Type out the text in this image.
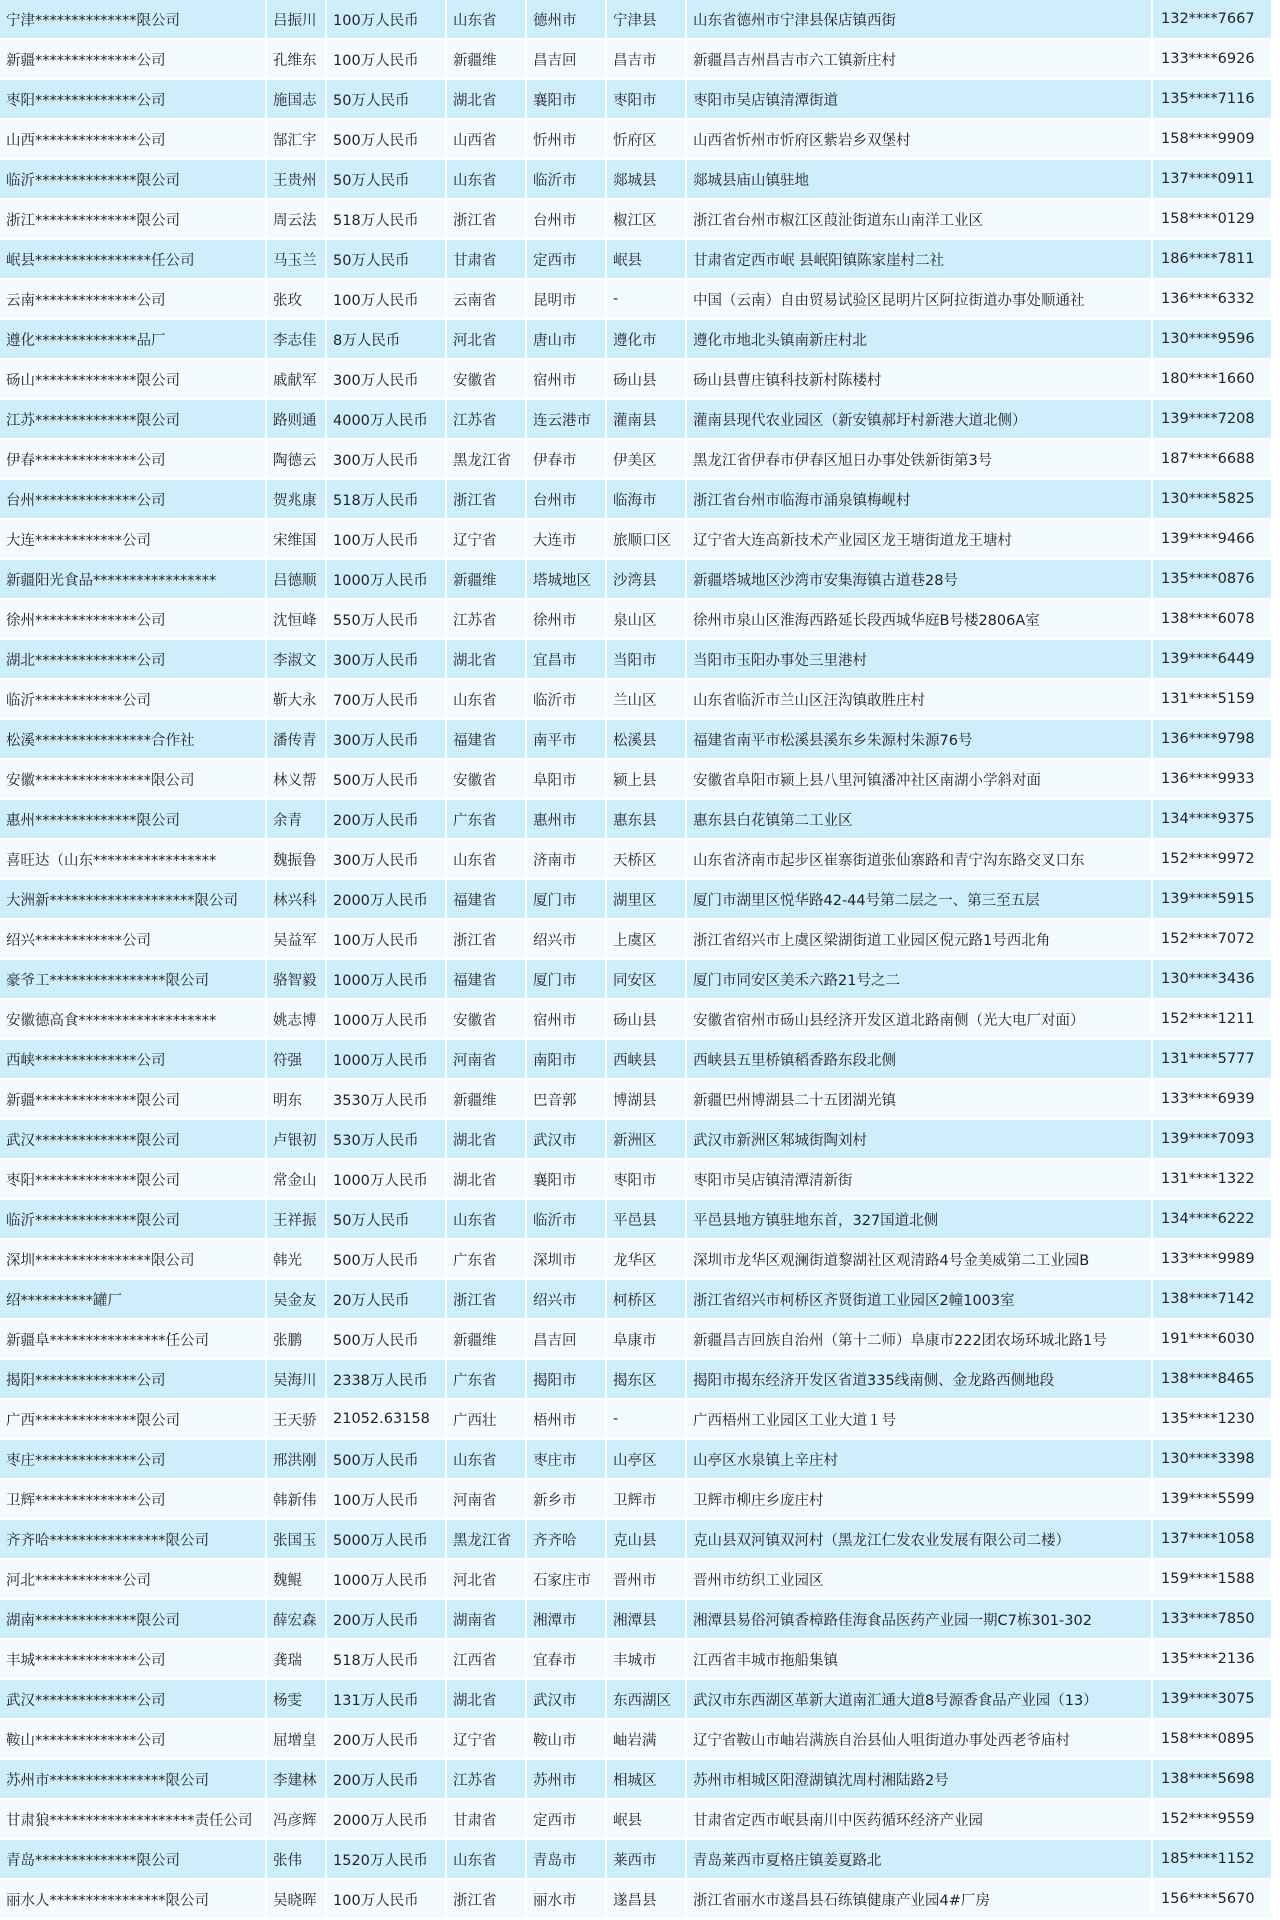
宁津**************限公司	吕振川	100万人民币	山东省	德州市	宁津县	山东省德州市宁津县保店镇西街	132****7667
新疆**************公司	孔维东	100万人民币	新疆维	昌吉回	昌吉市	新疆昌吉州昌吉市六工镇新庄村	133****6926
枣阳**************公司	施国志	50万人民币	湖北省	襄阳市	枣阳市	枣阳市吴店镇清潭街道	135****7116
山西**************公司	郜汇宇	500万人民币	山西省	忻州市	忻府区	山西省忻州市忻府区紫岩乡双堡村	158****9909
临沂**************限公司	王贵州	50万人民币	山东省	临沂市	郯城县	郯城县庙山镇驻地	137****0911
浙江**************限公司	周云法	518万人民币	浙江省	台州市	椒江区	浙江省台州市椒江区葭沚街道东山南洋工业区	158****0129
岷县****************任公司	马玉兰	50万人民币	甘肃省	定西市	岷县	甘肃省定西市岷 县岷阳镇陈家崖村二社	186****7811
云南**************公司	张玫	100万人民币	云南省	昆明市	-	中国（云南）自由贸易试验区昆明片区阿拉街道办事处顺通社	136****6332
遵化**************品厂	李志佳	8万人民币	河北省	唐山市	遵化市	遵化市地北头镇南新庄村北	130****9596
砀山**************限公司	戚献军	300万人民币	安徽省	宿州市	砀山县	砀山县曹庄镇科技新村陈楼村	180****1660
江苏**************限公司	路则通	4000万人民币	江苏省	连云港市	灌南县	灌南县现代农业园区（新安镇郝圩村新港大道北侧）	139****7208
伊春**************公司	陶德云	300万人民币	黑龙江省	伊春市	伊美区	黑龙江省伊春市伊春区旭日办事处铁新街第3号	187****6688
台州**************公司	贺兆康	518万人民币	浙江省	台州市	临海市	浙江省台州市临海市涌泉镇梅岘村	130****5825
大连************公司	宋维国	100万人民币	辽宁省	大连市	旅顺口区	辽宁省大连高新技术产业园区龙王塘街道龙王塘村	139****9466
新疆阳光食品*****************	吕德顺	1000万人民币	新疆维	塔城地区	沙湾县	新疆塔城地区沙湾市安集海镇古道巷28号	135****0876
徐州**************公司	沈恒峰	550万人民币	江苏省	徐州市	泉山区	徐州市泉山区淮海西路延长段西城华庭B号楼2806A室	138****6078
湖北**************公司	李淑文	300万人民币	湖北省	宜昌市	当阳市	当阳市玉阳办事处三里港村	139****6449
临沂************公司	靳大永	700万人民币	山东省	临沂市	兰山区	山东省临沂市兰山区汪沟镇敢胜庄村	131****5159
松溪****************合作社	潘传青	300万人民币	福建省	南平市	松溪县	福建省南平市松溪县溪东乡朱源村朱源76号	136****9798
安徽****************限公司	林义帮	500万人民币	安徽省	阜阳市	颍上县	安徽省阜阳市颍上县八里河镇潘冲社区南湖小学斜对面	136****9933
惠州**************限公司	余青	200万人民币	广东省	惠州市	惠东县	惠东县白花镇第二工业区	134****9375
喜旺达（山东*****************	魏振鲁	300万人民币	山东省	济南市	天桥区	山东省济南市起步区崔寨街道张仙寨路和青宁沟东路交叉口东	152****9972
大洲新********************限公司	林兴科	2000万人民币	福建省	厦门市	湖里区	厦门市湖里区悦华路42-44号第二层之一、第三至五层	139****5915
绍兴************公司	吴益军	100万人民币	浙江省	绍兴市	上虞区	浙江省绍兴市上虞区梁湖街道工业园区倪元路1号西北角	152****7072
豪爷工****************限公司	骆智毅	1000万人民币	福建省	厦门市	同安区	厦门市同安区美禾六路21号之二	130****3436
安徽德高食*******************	姚志博	1000万人民币	安徽省	宿州市	砀山县	安徽省宿州市砀山县经济开发区道北路南侧（光大电厂对面）	152****1211
西峡**************公司	符强	1000万人民币	河南省	南阳市	西峡县	西峡县五里桥镇稻香路东段北侧	131****5777
新疆**************限公司	明东	3530万人民币	新疆维	巴音郭	博湖县	新疆巴州博湖县二十五团湖光镇	133****6939
武汉**************限公司	卢银初	530万人民币	湖北省	武汉市	新洲区	武汉市新洲区邾城街陶刘村	139****7093
枣阳**************限公司	常金山	1000万人民币	湖北省	襄阳市	枣阳市	枣阳市吴店镇清潭清新街	131****1322
临沂**************限公司	王祥振	50万人民币	山东省	临沂市	平邑县	平邑县地方镇驻地东首，327国道北侧	134****6222
深圳****************限公司	韩光	500万人民币	广东省	深圳市	龙华区	深圳市龙华区观澜街道黎湖社区观清路4号金美威第二工业园B	133****9989
绍**********罐厂	吴金友	20万人民币	浙江省	绍兴市	柯桥区	浙江省绍兴市柯桥区齐贤街道工业园区2幢1003室	138****7142
新疆阜****************任公司	张鹏	500万人民币	新疆维	昌吉回	阜康市	新疆昌吉回族自治州（第十二师）阜康市222团农场环城北路1号	191****6030
揭阳**************公司	吴海川	2338万人民币	广东省	揭阳市	揭东区	揭阳市揭东经济开发区省道335线南侧、金龙路西侧地段	138****8465
广西**************限公司	王天骄	21052.63158	广西壮	梧州市	-	广西梧州工业园区工业大道１号	135****1230
枣庄**************公司	邢洪刚	500万人民币	山东省	枣庄市	山亭区	山亭区水泉镇上辛庄村	130****3398
卫辉**************公司	韩新伟	100万人民币	河南省	新乡市	卫辉市	卫辉市柳庄乡庞庄村	139****5599
齐齐哈****************限公司	张国玉	5000万人民币	黑龙江省	齐齐哈	克山县	克山县双河镇双河村（黑龙江仁发农业发展有限公司二楼）	137****1058
河北************公司	魏鲲	1000万人民币	河北省	石家庄市	晋州市	晋州市纺织工业园区	159****1588
湖南**************限公司	薛宏森	200万人民币	湖南省	湘潭市	湘潭县	湘潭县易俗河镇香樟路佳海食品医药产业园一期C7栋301-302	133****7850
丰城**************公司	龚瑞	518万人民币	江西省	宜春市	丰城市	江西省丰城市拖船集镇	135****2136
武汉**************公司	杨雯	131万人民币	湖北省	武汉市	东西湖区	武汉市东西湖区革新大道南汇通大道8号源香食品产业园（13）	139****3075
鞍山**************公司	屈增皇	200万人民币	辽宁省	鞍山市	岫岩满	辽宁省鞍山市岫岩满族自治县仙人咀街道办事处西老爷庙村	158****0895
苏州市****************限公司	李建林	200万人民币	江苏省	苏州市	相城区	苏州市相城区阳澄湖镇沈周村湘陆路2号	138****5698
甘肃狼********************责任公司	冯彦辉	2000万人民币	甘肃省	定西市	岷县	甘肃省定西市岷县南川中医药循环经济产业园	152****9559
青岛**************限公司	张伟	1520万人民币	山东省	青岛市	莱西市	青岛莱西市夏格庄镇姜夏路北	185****1152
丽水人****************限公司	吴晓晖	100万人民币	浙江省	丽水市	遂昌县	浙江省丽水市遂昌县石练镇健康产业园4#厂房	156****5670
